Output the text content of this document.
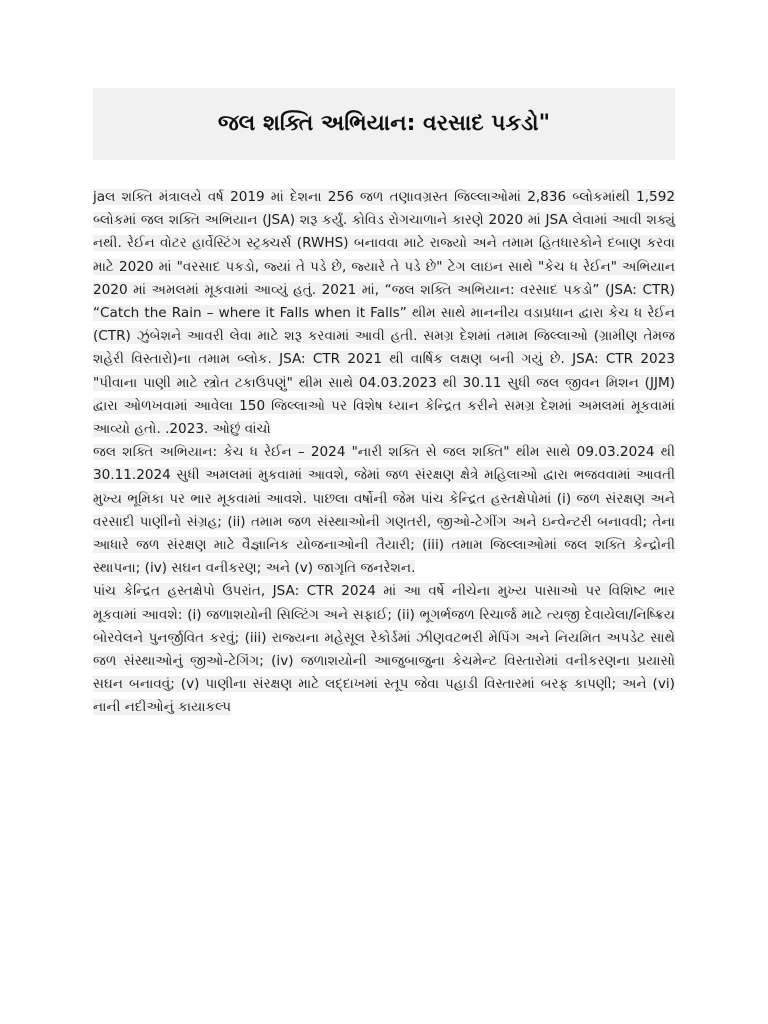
જલ શક્તિ અભિયાન: વરસાદ પકડો"

jaલ શક્તિ મંત્રાલયે વર્ષ 2019 માં દેશના 256 જળ તણાવગ્રસ્ત જિલ્લાઓમાં 2,836 બ્લોકમાંથી 1,592 બ્લોકમાં જલ શક્તિ અભિયાન (JSA) શરૂ કર્યું. કોવિડ રોગચાળાને કારણે 2020 માં JSA લેવામાં આવી શક્યું નથી. રેઈન વોટર હાર્વેસ્ટિંગ સ્ટ્રક્ચર્સ (RWHS) બનાવવા માટે રાજ્યો અને તમામ હિતધારકોને દબાણ કરવા માટે 2020 માં "વરસાદ પકડો, જ્યાં તે પડે છે, જ્યારે તે પડે છે" ટેગ લાઇન સાથે "કેચ ધ રેઈન" અભિયાન 2020 માં અમલમાં મૂકવામાં આવ્યું હતું. 2021 માં, “જલ શક્તિ અભિયાન: વરસાદ પકડો” (JSA: CTR) “Catch the Rain – where it Falls when it Falls” થીમ સાથે માનનીય વડાપ્રધાન દ્વારા કેચ ધ રેઈન (CTR) ઝુંબેશને આવરી લેવા માટે શરૂ કરવામાં આવી હતી. સમગ્ર દેશમાં તમામ જિલ્લાઓ (ગ્રામીણ તેમજ શહેરી વિસ્તારો)ના તમામ બ્લોક. JSA: CTR 2021 થી વાર્ષિક લક્ષણ બની ગયું છે. JSA: CTR 2023 "પીવાના પાણી માટે સ્ત્રોત ટકાઉપણું" થીમ સાથે 04.03.2023 થી 30.11 સુધી જલ જીવન મિશન (JJM) દ્વારા ઓળખવામાં આવેલા 150 જિલ્લાઓ પર વિશેષ ધ્યાન કેન્દ્રિત કરીને સમગ્ર દેશમાં અમલમાં મૂકવામાં આવ્યો હતો. .2023. ઓછું વાંચો

જલ શક્તિ અભિયાન: કેચ ધ રેઈન – 2024 "નારી શક્તિ સે જલ શક્તિ" થીમ સાથે 09.03.2024 થી 30.11.2024 સુધી અમલમાં મુકવામાં આવશે, જેમાં જળ સંરક્ષણ ક્ષેત્રે મહિલાઓ દ્વારા ભજવવામાં આવતી મુખ્ય ભૂમિકા પર ભાર મૂકવામાં આવશે. પાછલા વર્ષોની જેમ પાંચ કેન્દ્રિત હસ્તક્ષેપોમાં (i) જળ સંરક્ષણ અને વરસાદી પાણીનો સંગ્રહ; (ii) તમામ જળ સંસ્થાઓની ગણતરી, જીઓ-ટેગીંગ અને ઇન્વેન્ટરી બનાવવી; તેના આધારે જળ સંરક્ષણ માટે વૈજ્ઞાનિક યોજનાઓની તૈયારી; (iii) તમામ જિલ્લાઓમાં જલ શક્તિ કેન્દ્રોની સ્થાપના; (iv) સઘન વનીકરણ; અને (v) જાગૃતિ જનરેશન.

પાંચ કેન્દ્રિત હસ્તક્ષેપો ઉપરાંત, JSA: CTR 2024 માં આ વર્ષે નીચેના મુખ્ય પાસાઓ પર વિશિષ્ટ ભાર મૂકવામાં આવશે: (i) જળાશયોની સિલ્ટિંગ અને સફાઈ; (ii) ભૂગર્ભજળ રિચાર્જ માટે ત્યજી દેવાયેલા/નિષ્ક્રિય બોરવેલને પુનર્જીવિત કરવું; (iii) રાજ્યના મહેસૂલ રેકોર્ડમાં ઝીણવટભરી મેપિંગ અને નિયમિત અપડેટ સાથે જળ સંસ્થાઓનું જીઓ-ટેગિંગ; (iv) જળાશયોની આજુબાજુના કેચમેન્ટ વિસ્તારોમાં વનીકરણના પ્રયાસો સઘન બનાવવું; (v) પાણીના સંરક્ષણ માટે લદ્દાખમાં સ્તૂપ જેવા પહાડી વિસ્તારમાં બરફ કાપણી; અને (vi) નાની નદીઓનું કાયાકલ્પ
